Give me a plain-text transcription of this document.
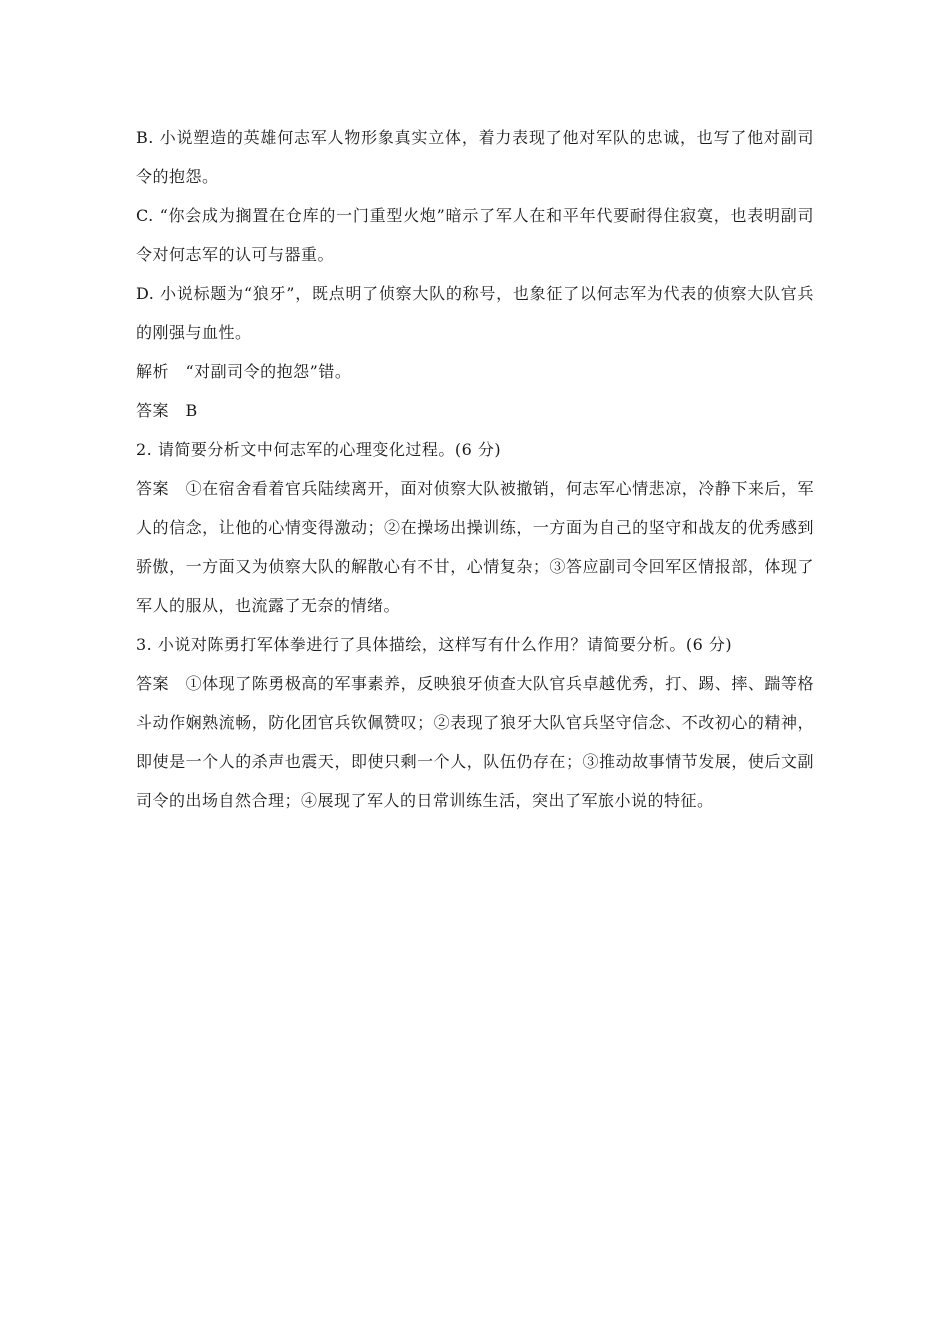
B. 小说塑造的英雄何志军人物形象真实立体，着力表现了他对军队的忠诚，也写了他对副司令的抱怨。

C. “你会成为搁置在仓库的一门重型火炮”暗示了军人在和平年代要耐得住寂寞，也表明副司令对何志军的认可与器重。

D. 小说标题为“狼牙”，既点明了侦察大队的称号，也象征了以何志军为代表的侦察大队官兵的刚强与血性。

解析　“对副司令的抱怨”错。

答案　B

2. 请简要分析文中何志军的心理变化过程。(6 分)

答案　①在宿舍看着官兵陆续离开，面对侦察大队被撤销，何志军心情悲凉，冷静下来后，军人的信念，让他的心情变得激动；②在操场出操训练，一方面为自己的坚守和战友的优秀感到骄傲，一方面又为侦察大队的解散心有不甘，心情复杂；③答应副司令回军区情报部，体现了军人的服从，也流露了无奈的情绪。

3. 小说对陈勇打军体拳进行了具体描绘，这样写有什么作用？请简要分析。(6 分)

答案　①体现了陈勇极高的军事素养，反映狼牙侦查大队官兵卓越优秀，打、踢、摔、踹等格斗动作娴熟流畅，防化团官兵钦佩赞叹；②表现了狼牙大队官兵坚守信念、不改初心的精神，即使是一个人的杀声也震天，即使只剩一个人，队伍仍存在；③推动故事情节发展，使后文副司令的出场自然合理；④展现了军人的日常训练生活，突出了军旅小说的特征。
